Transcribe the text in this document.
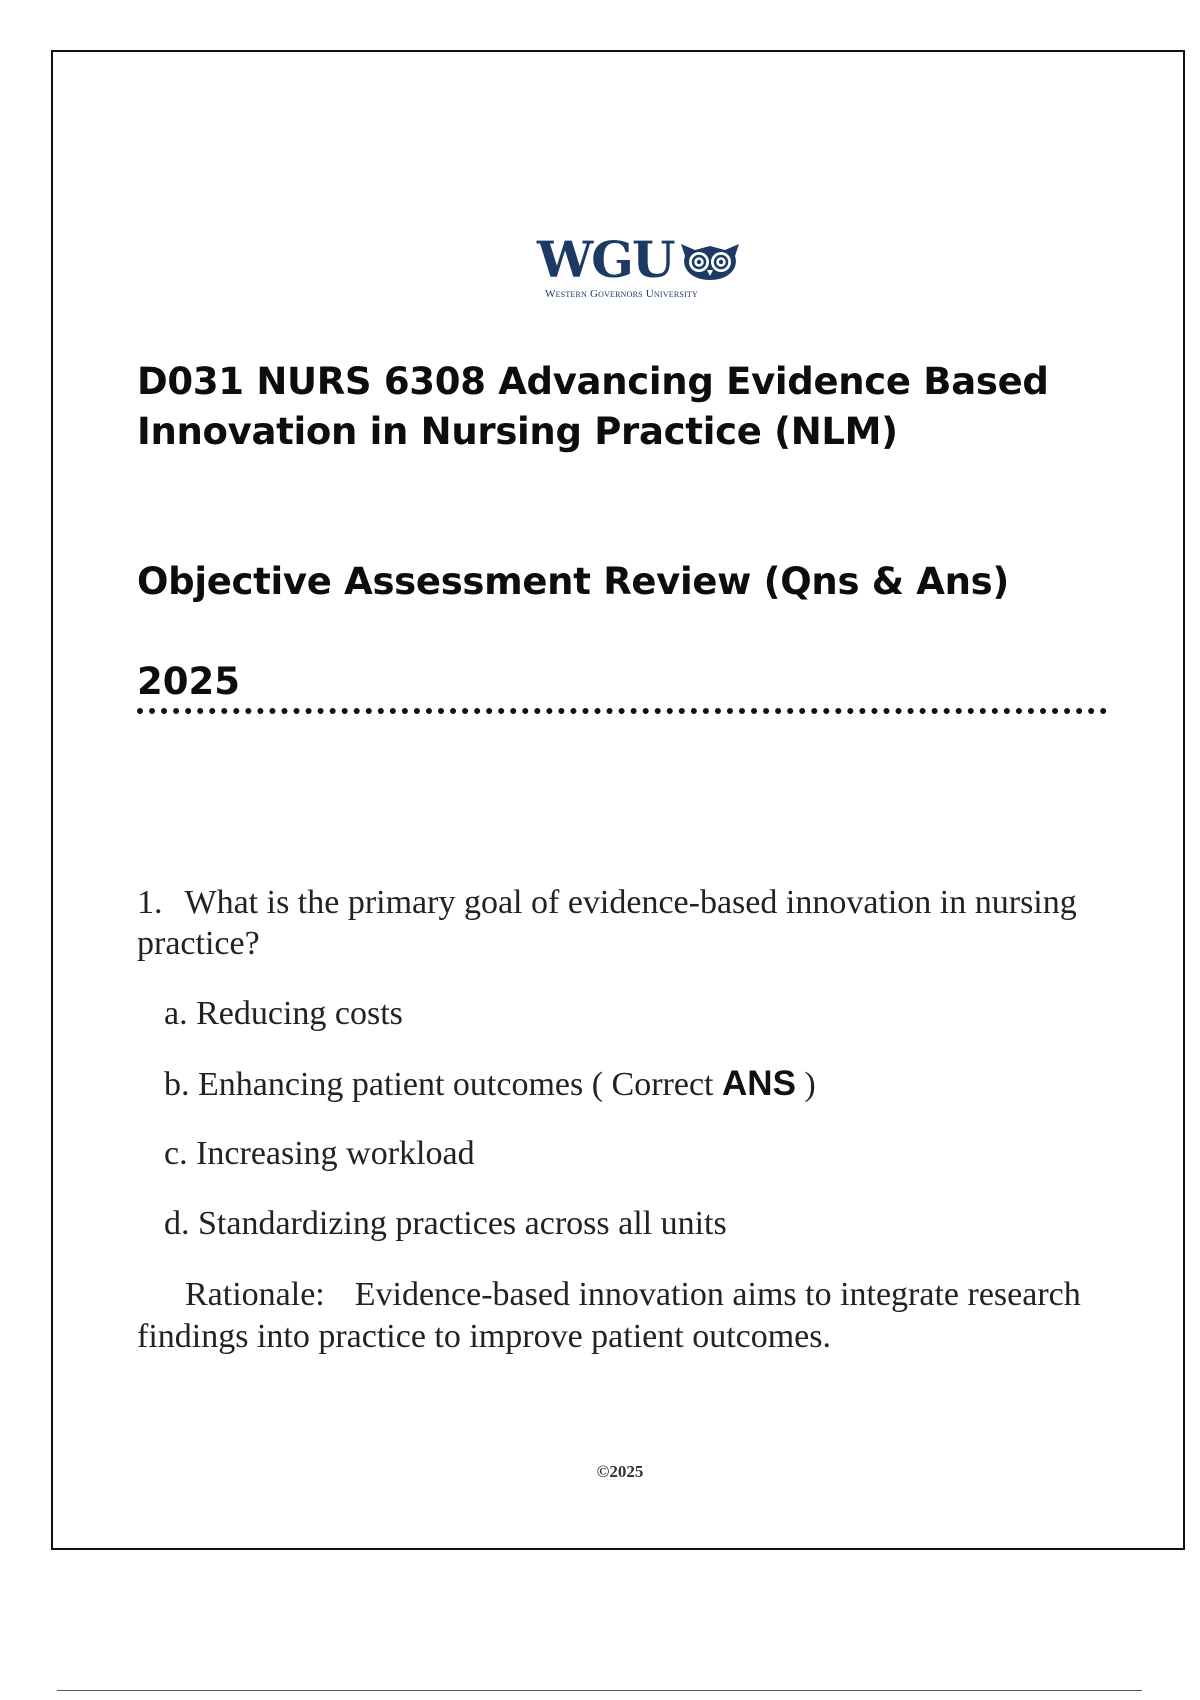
WGU
Western Governors University
D031 NURS 6308 Advancing Evidence Based Innovation in Nursing Practice (NLM)
Objective Assessment Review (Qns & Ans)
2025

1. What is the primary goal of evidence-based innovation in nursing practice?

a. Reducing costs

b. Enhancing patient outcomes ( Correct ANS )

c. Increasing workload

d. Standardizing practices across all units

Rationale: Evidence-based innovation aims to integrate research findings into practice to improve patient outcomes.

©2025
